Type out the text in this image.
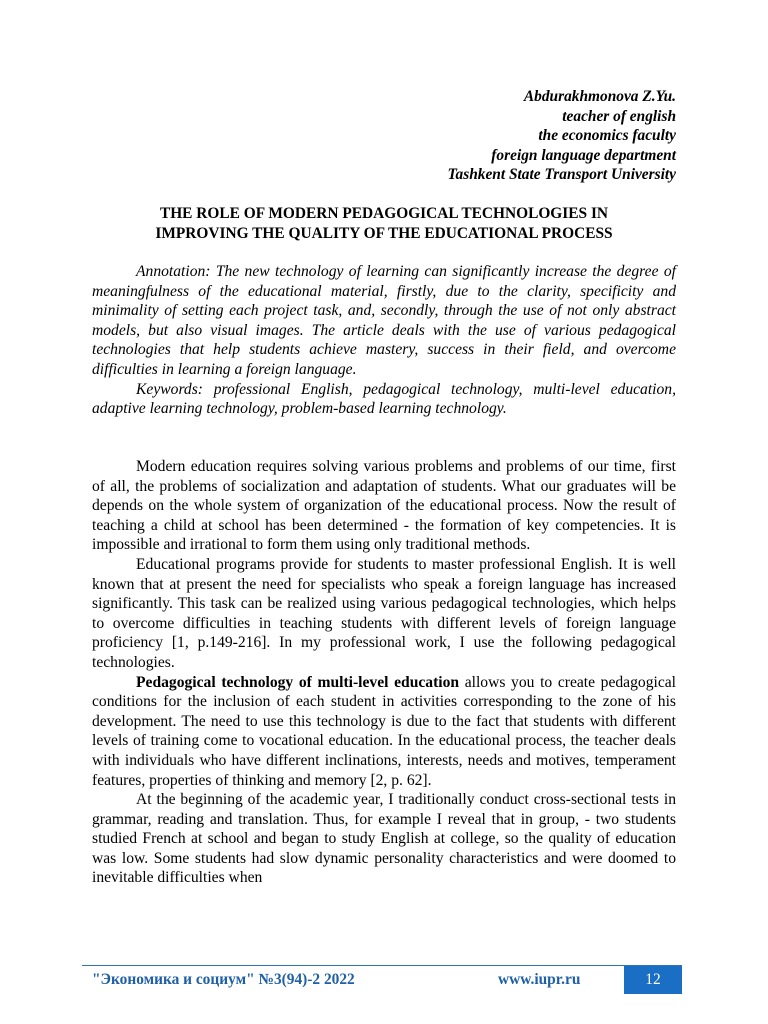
Abdurakhmonova Z.Yu.
teacher of english
the economics faculty
foreign language department
Tashkent State Transport University
THE ROLE OF MODERN PEDAGOGICAL TECHNOLOGIES IN
IMPROVING THE QUALITY OF THE EDUCATIONAL PROCESS

Annotation: The new technology of learning can significantly increase the degree of meaningfulness of the educational material, firstly, due to the clarity, specificity and minimality of setting each project task, and, secondly, through the use of not only abstract models, but also visual images. The article deals with the use of various pedagogical technologies that help students achieve mastery, success in their field, and overcome difficulties in learning a foreign language.

Keywords: professional English, pedagogical technology, multi-level education, adaptive learning technology, problem-based learning technology.

Modern education requires solving various problems and problems of our time, first of all, the problems of socialization and adaptation of students. What our graduates will be depends on the whole system of organization of the educational process. Now the result of teaching a child at school has been determined - the formation of key competencies. It is impossible and irrational to form them using only traditional methods.

Educational programs provide for students to master professional English. It is well known that at present the need for specialists who speak a foreign language has increased significantly. This task can be realized using various pedagogical technologies, which helps to overcome difficulties in teaching students with different levels of foreign language proficiency [1, p.149-216]. In my professional work, I use the following pedagogical technologies.

Pedagogical technology of multi-level education allows you to create pedagogical conditions for the inclusion of each student in activities corresponding to the zone of his development. The need to use this technology is due to the fact that students with different levels of training come to vocational education. In the educational process, the teacher deals with individuals who have different inclinations, interests, needs and motives, temperament features, properties of thinking and memory [2, p. 62].

At the beginning of the academic year, I traditionally conduct cross-sectional tests in grammar, reading and translation. Thus, for example I reveal that in group, - two students studied French at school and began to study English at college, so the quality of education was low. Some students had slow dynamic personality characteristics and were doomed to inevitable difficulties when

"Экономика и социум" №3(94)-2 2022	www.iupr.ru	12
